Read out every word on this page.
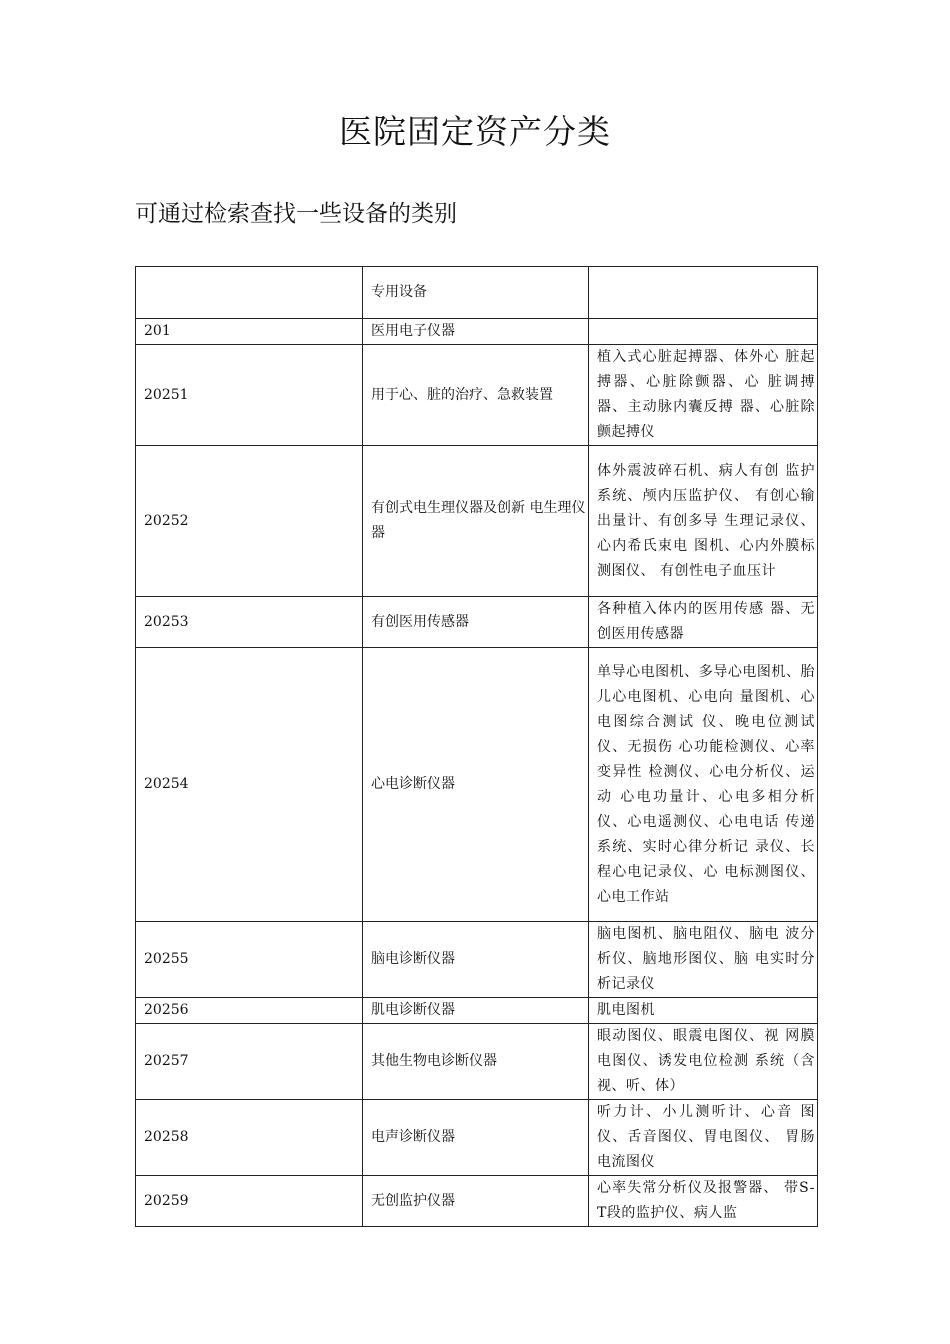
医院固定资产分类
可通过检索查找一些设备的类别
	专用设备	
201	医用电子仪器	
20251	用于心、脏的治疗、急救装置	植入式心脏起搏器、体外心 脏起搏器、心脏除颤器、心 脏调搏器、主动脉内囊反搏 器、心脏除颤起搏仪
20252	有创式电生理仪器及创新 电生理仪器	体外震波碎石机、病人有创 监护系统、颅内压监护仪、 有创心输出量计、有创多导 生理记录仪、心内希氏束电 图机、心内外膜标测图仪、 有创性电子血压计
20253	有创医用传感器	各种植入体内的医用传感 器、无创医用传感器
20254	心电诊断仪器	单导心电图机、多导心电图机、胎儿心电图机、心电向 量图机、心电图综合测试 仪、晚电位测试仪、无损伤 心功能检测仪、心率变异性 检测仪、心电分析仪、运动 心电功量计、心电多相分析 仪、心电遥测仪、心电电话 传递系统、实时心律分析记 录仪、长程心电记录仪、心 电标测图仪、心电工作站
20255	脑电诊断仪器	脑电图机、脑电阻仪、脑电 波分析仪、脑地形图仪、脑 电实时分析记录仪
20256	肌电诊断仪器	肌电图机
20257	其他生物电诊断仪器	眼动图仪、眼震电图仪、视 网膜电图仪、诱发电位检测 系统（含视、听、体）
20258	电声诊断仪器	听力计、小儿测听计、心音 图仪、舌音图仪、胃电图仪、 胃肠电流图仪
20259	无创监护仪器	心率失常分析仪及报警器、 带S-T段的监护仪、病人监
